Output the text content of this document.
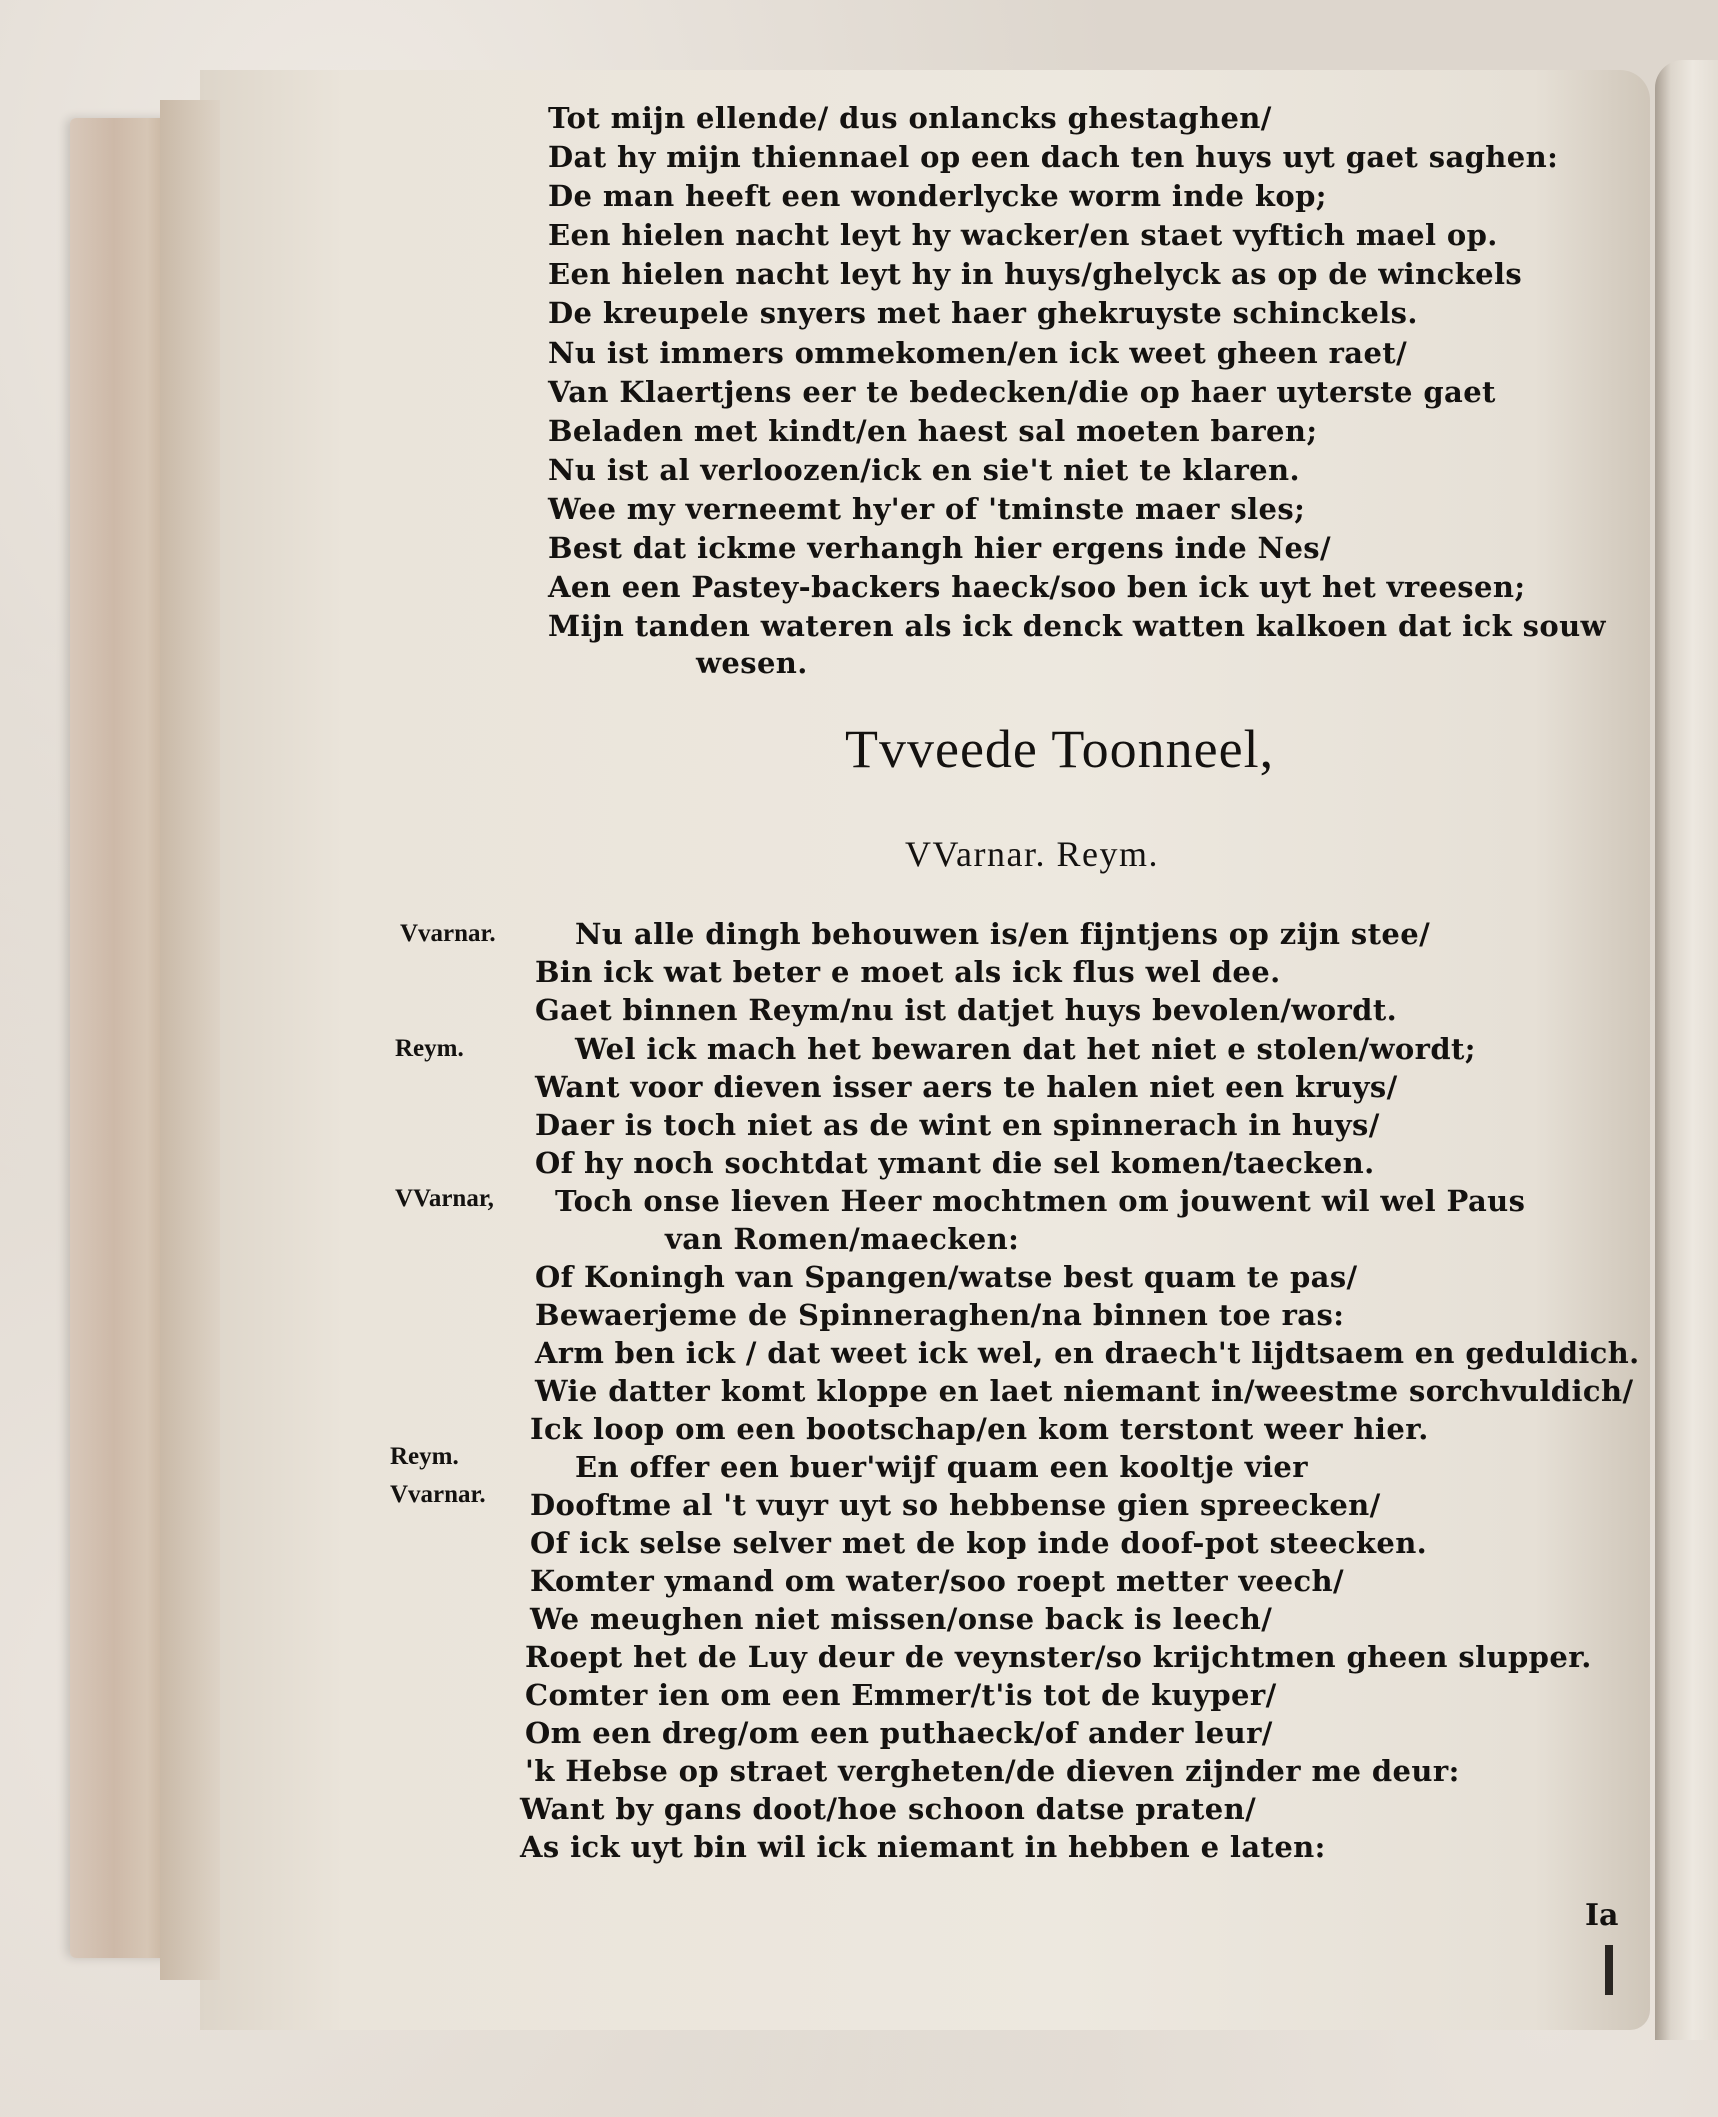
Tot mijn ellende/ dus onlancks ghestaghen/
Dat hy mijn thiennael op een dach ten huys uyt gaet saghen:
De man heeft een wonderlycke worm inde kop;
Een hielen nacht leyt hy wacker/en staet vyftich mael op.
Een hielen nacht leyt hy in huys/ghelyck as op de winckels
De kreupele snyers met haer ghekruyste schinckels.
Nu ist immers ommekomen/en ick weet gheen raet/
Van Klaertjens eer te bedecken/die op haer uyterste gaet
Beladen met kindt/en haest sal moeten baren;
Nu ist al verloozen/ick en sie't niet te klaren.
Wee my verneemt hy'er of 'tminste maer sles;
Best dat ickme verhangh hier ergens inde Nes/
Aen een Pastey-backers haeck/soo ben ick uyt het vreesen;
Mijn tanden wateren als ick denck watten kalkoen dat ick souw
wesen.
Tvveede Toonneel,
VVarnar. Reym.
Vvarnar.
Reym.
VVarnar,
Reym.
Vvarnar.
Nu alle dingh behouwen is/en fijntjens op zijn stee/
Bin ick wat beter e moet als ick flus wel dee.
Gaet binnen Reym/nu ist datjet huys bevolen/wordt.
Wel ick mach het bewaren dat het niet e stolen/wordt;
Want voor dieven isser aers te halen niet een kruys/
Daer is toch niet as de wint en spinnerach in huys/
Of hy noch sochtdat ymant die sel komen/taecken.
Toch onse lieven Heer mochtmen om jouwent wil wel Paus
van Romen/maecken:
Of Koningh van Spangen/watse best quam te pas/
Bewaerjeme de Spinneraghen/na binnen toe ras:
Arm ben ick / dat weet ick wel, en draech't lijdtsaem en geduldich.
Wie datter komt kloppe en laet niemant in/weestme sorchvuldich/
Ick loop om een bootschap/en kom terstont weer hier.
En offer een buer'wijf quam een kooltje vier
Dooftme al 't vuyr uyt so hebbense gien spreecken/
Of ick selse selver met de kop inde doof-pot steecken.
Komter ymand om water/soo roept metter veech/
We meughen niet missen/onse back is leech/
Roept het de Luy deur de veynster/so krijchtmen gheen slupper.
Comter ien om een Emmer/t'is tot de kuyper/
Om een dreg/om een puthaeck/of ander leur/
'k Hebse op straet vergheten/de dieven zijnder me deur:
Want by gans doot/hoe schoon datse praten/
As ick uyt bin wil ick niemant in hebben e laten:
Ia
